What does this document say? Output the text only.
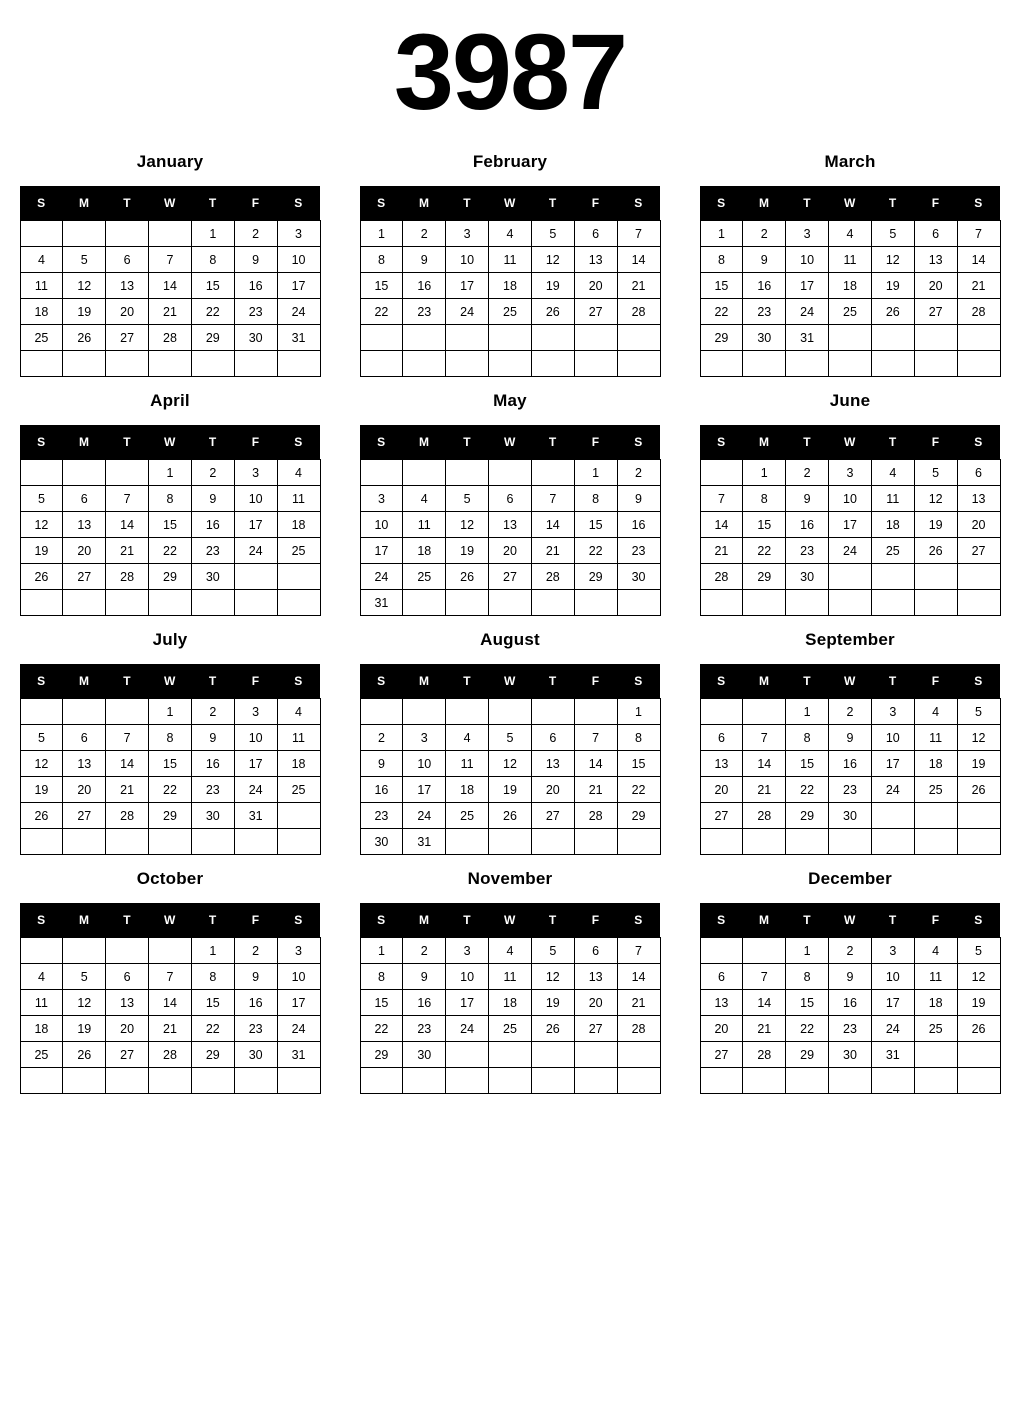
3987
January
S	M	T	W	T	F	S
				1	2	3
4	5	6	7	8	9	10
11	12	13	14	15	16	17
18	19	20	21	22	23	24
25	26	27	28	29	30	31

February
S	M	T	W	T	F	S
1	2	3	4	5	6	7
8	9	10	11	12	13	14
15	16	17	18	19	20	21
22	23	24	25	26	27	28

March
S	M	T	W	T	F	S
1	2	3	4	5	6	7
8	9	10	11	12	13	14
15	16	17	18	19	20	21
22	23	24	25	26	27	28
29	30	31				

April
S	M	T	W	T	F	S
			1	2	3	4
5	6	7	8	9	10	11
12	13	14	15	16	17	18
19	20	21	22	23	24	25
26	27	28	29	30		

May
S	M	T	W	T	F	S
					1	2
3	4	5	6	7	8	9
10	11	12	13	14	15	16
17	18	19	20	21	22	23
24	25	26	27	28	29	30
31						
June
S	M	T	W	T	F	S
	1	2	3	4	5	6
7	8	9	10	11	12	13
14	15	16	17	18	19	20
21	22	23	24	25	26	27
28	29	30				

July
S	M	T	W	T	F	S
			1	2	3	4
5	6	7	8	9	10	11
12	13	14	15	16	17	18
19	20	21	22	23	24	25
26	27	28	29	30	31	

August
S	M	T	W	T	F	S
						1
2	3	4	5	6	7	8
9	10	11	12	13	14	15
16	17	18	19	20	21	22
23	24	25	26	27	28	29
30	31					
September
S	M	T	W	T	F	S
		1	2	3	4	5
6	7	8	9	10	11	12
13	14	15	16	17	18	19
20	21	22	23	24	25	26
27	28	29	30			

October
S	M	T	W	T	F	S
				1	2	3
4	5	6	7	8	9	10
11	12	13	14	15	16	17
18	19	20	21	22	23	24
25	26	27	28	29	30	31

November
S	M	T	W	T	F	S
1	2	3	4	5	6	7
8	9	10	11	12	13	14
15	16	17	18	19	20	21
22	23	24	25	26	27	28
29	30					

December
S	M	T	W	T	F	S
		1	2	3	4	5
6	7	8	9	10	11	12
13	14	15	16	17	18	19
20	21	22	23	24	25	26
27	28	29	30	31		
